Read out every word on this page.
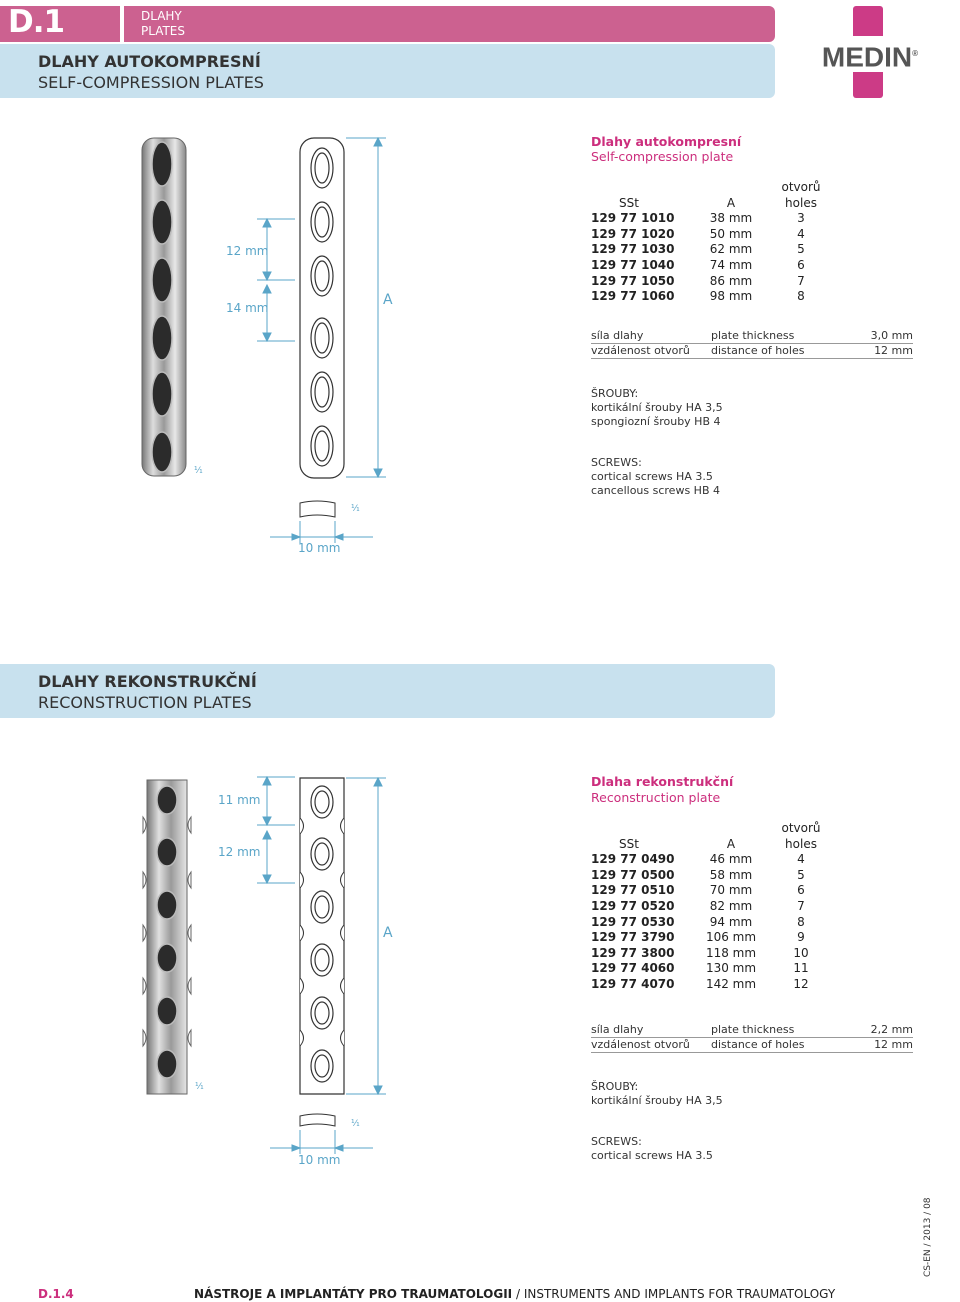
D.1	DLAHY
PLATES
DLAHY AUTOKOMPRESNÍ
SELF-COMPRESSION PLATES
MEDIN®
¹⁄₁
12 mm
14 mm	A
¹⁄₁
10 mm
Dlahy autokompresní
Self-compression plate
otvorů
SSt	A	holes
129 77 1010	38 mm	3
129 77 1020	50 mm	4
129 77 1030	62 mm	5
129 77 1040	74 mm	6
129 77 1050	86 mm	7
129 77 1060	98 mm	8
síla dlahy	plate thickness	3,0 mm
vzdálenost otvorů	distance of holes	12 mm
ŠROUBY:
kortikální šrouby HA 3,5
spongiozní šrouby HB 4
SCREWS:
cortical screws HA 3.5
cancellous screws HB 4
DLAHY REKONSTRUKČNÍ
RECONSTRUCTION PLATES
¹⁄₁
11 mm
12 mm
A
¹⁄₁
10 mm
Dlaha rekonstrukční
Reconstruction plate
otvorů
SSt	A	holes
129 77 0490	46 mm	4
129 77 0500	58 mm	5
129 77 0510	70 mm	6
129 77 0520	82 mm	7
129 77 0530	94 mm	8
129 77 3790	106 mm	9
129 77 3800	118 mm	10
129 77 4060	130 mm	11
129 77 4070	142 mm	12
síla dlahy	plate thickness	2,2 mm
vzdálenost otvorů	distance of holes	12 mm
ŠROUBY:
kortikální šrouby HA 3,5
SCREWS:
cortical screws HA 3.5
D.1.4	NÁSTROJE A IMPLANTÁTY PRO TRAUMATOLOGII / INSTRUMENTS AND IMPLANTS FOR TRAUMATOLOGY
CS-EN / 2013 / 08
